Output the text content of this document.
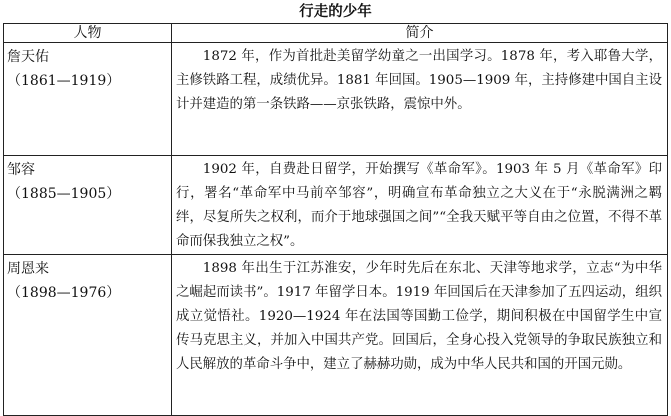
行走的少年
人物	简介

詹天佑
（1861—1919）	1872 年，作为首批赴美留学幼童之一出国学习。1878 年，考入耶鲁大学，主修铁路工程，成绩优异。1881 年回国。1905—1909 年，主持修建中国自主设计并建造的第一条铁路——京张铁路，震惊中外。

邹容
（1885—1905）	1902 年，自费赴日留学，开始撰写《革命军》。1903 年 5 月《革命军》印行，署名“革命军中马前卒邹容”，明确宣布革命独立之大义在于“永脱满洲之羁绊，尽复所失之权利，而介于地球强国之间”“全我天赋平等自由之位置，不得不革命而保我独立之权”。

周恩来
（1898—1976）	1898 年出生于江苏淮安，少年时先后在东北、天津等地求学，立志“为中华之崛起而读书”。1917 年留学日本。1919 年回国后在天津参加了五四运动，组织成立觉悟社。1920—1924 年在法国等国勤工俭学，期间积极在中国留学生中宣传马克思主义，并加入中国共产党。回国后，全身心投入党领导的争取民族独立和人民解放的革命斗争中，建立了赫赫功勋，成为中华人民共和国的开国元勋。
